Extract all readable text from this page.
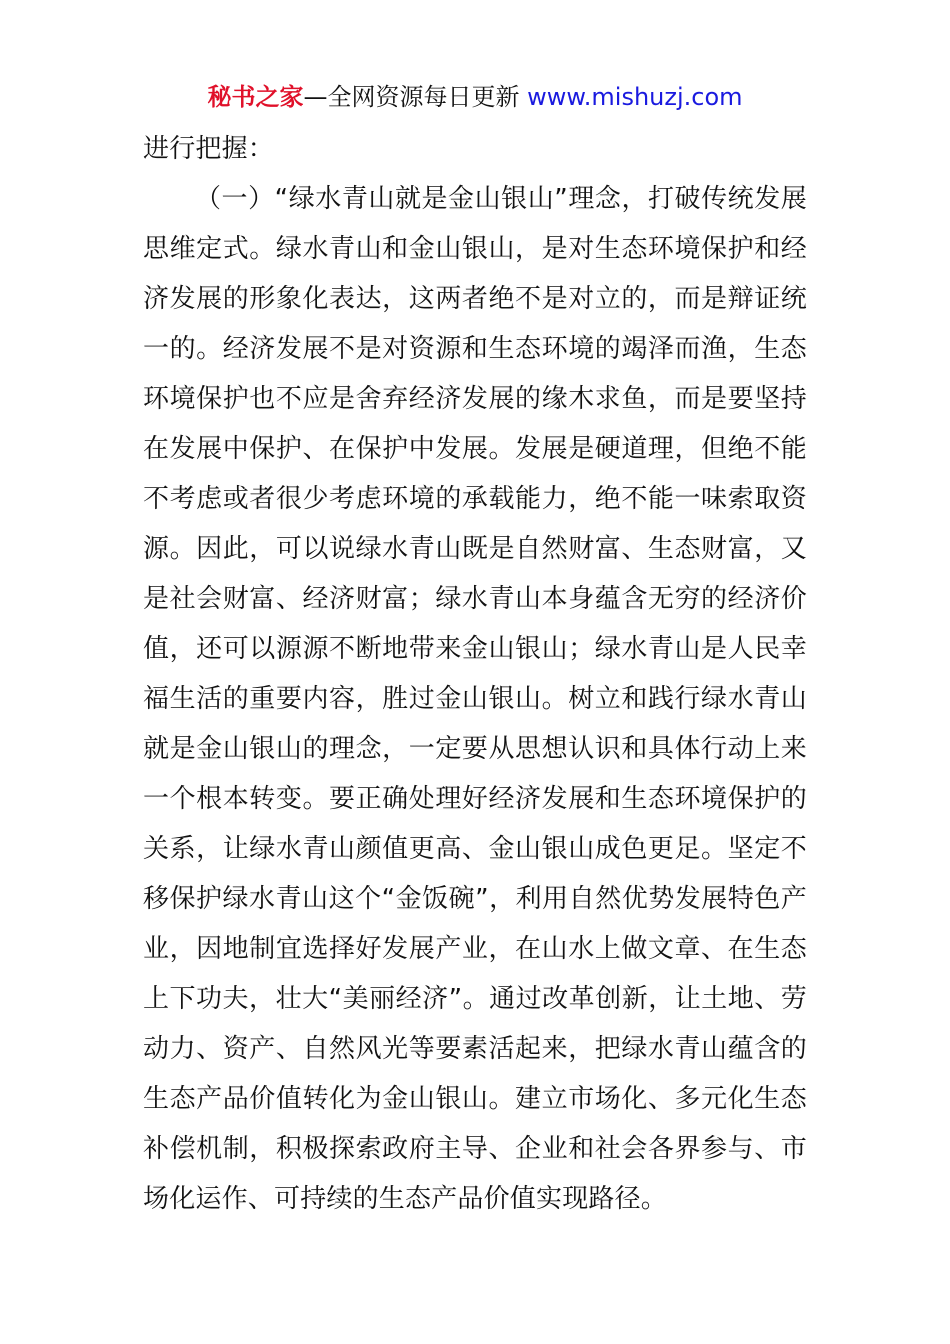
秘书之家—全网资源每日更新 www.mishuzj.com

进行把握：

（一）“绿水青山就是金山银山”理念，打破传统发展思维定式。绿水青山和金山银山，是对生态环境保护和经济发展的形象化表达，这两者绝不是对立的，而是辩证统一的。经济发展不是对资源和生态环境的竭泽而渔，生态环境保护也不应是舍弃经济发展的缘木求鱼，而是要坚持在发展中保护、在保护中发展。发展是硬道理，但绝不能不考虑或者很少考虑环境的承载能力，绝不能一味索取资源。因此，可以说绿水青山既是自然财富、生态财富，又是社会财富、经济财富；绿水青山本身蕴含无穷的经济价值，还可以源源不断地带来金山银山；绿水青山是人民幸福生活的重要内容，胜过金山银山。树立和践行绿水青山就是金山银山的理念，一定要从思想认识和具体行动上来一个根本转变。要正确处理好经济发展和生态环境保护的关系，让绿水青山颜值更高、金山银山成色更足。坚定不移保护绿水青山这个“金饭碗”，利用自然优势发展特色产业，因地制宜选择好发展产业，在山水上做文章、在生态上下功夫，壮大“美丽经济”。通过改革创新，让土地、劳动力、资产、自然风光等要素活起来，把绿水青山蕴含的生态产品价值转化为金山银山。建立市场化、多元化生态补偿机制，积极探索政府主导、企业和社会各界参与、市场化运作、可持续的生态产品价值实现路径。
